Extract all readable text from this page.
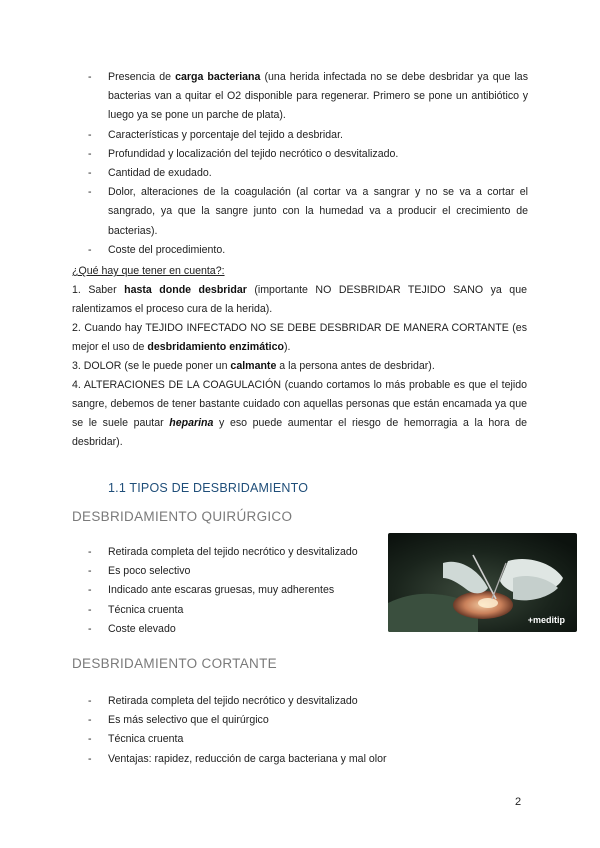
- Presencia de carga bacteriana (una herida infectada no se debe desbridar ya que las bacterias van a quitar el O2 disponible para regenerar. Primero se pone un antibiótico y luego ya se pone un parche de plata).
- Características y porcentaje del tejido a desbridar.
- Profundidad y localización del tejido necrótico o desvitalizado.
- Cantidad de exudado.
- Dolor, alteraciones de la coagulación (al cortar va a sangrar y no se va a cortar el sangrado, ya que la sangre junto con la humedad va a producir el crecimiento de bacterias).
- Coste del procedimiento.
¿Qué hay que tener en cuenta?:
1. Saber hasta donde desbridar (importante NO DESBRIDAR TEJIDO SANO ya que ralentizamos el proceso cura de la herida).
2. Cuando hay TEJIDO INFECTADO NO SE DEBE DESBRIDAR DE MANERA CORTANTE (es mejor el uso de desbridamiento enzimático).
3. DOLOR (se le puede poner un calmante a la persona antes de desbridar).
4. ALTERACIONES DE LA COAGULACIÓN (cuando cortamos lo más probable es que el tejido sangre, debemos de tener bastante cuidado con aquellas personas que están encamada ya que se le suele pautar heparina y eso puede aumentar el riesgo de hemorragia a la hora de desbridar).
1.1 TIPOS DE DESBRIDAMIENTO
DESBRIDAMIENTO QUIRÚRGICO
- Retirada completa del tejido necrótico y desvitalizado
- Es poco selectivo
- Indicado ante escaras gruesas, muy adherentes
- Técnica cruenta
- Coste elevado
+meditip
DESBRIDAMIENTO CORTANTE
- Retirada completa del tejido necrótico y desvitalizado
- Es más selectivo que el quirúrgico
- Técnica cruenta
- Ventajas: rapidez, reducción de carga bacteriana y mal olor
2
